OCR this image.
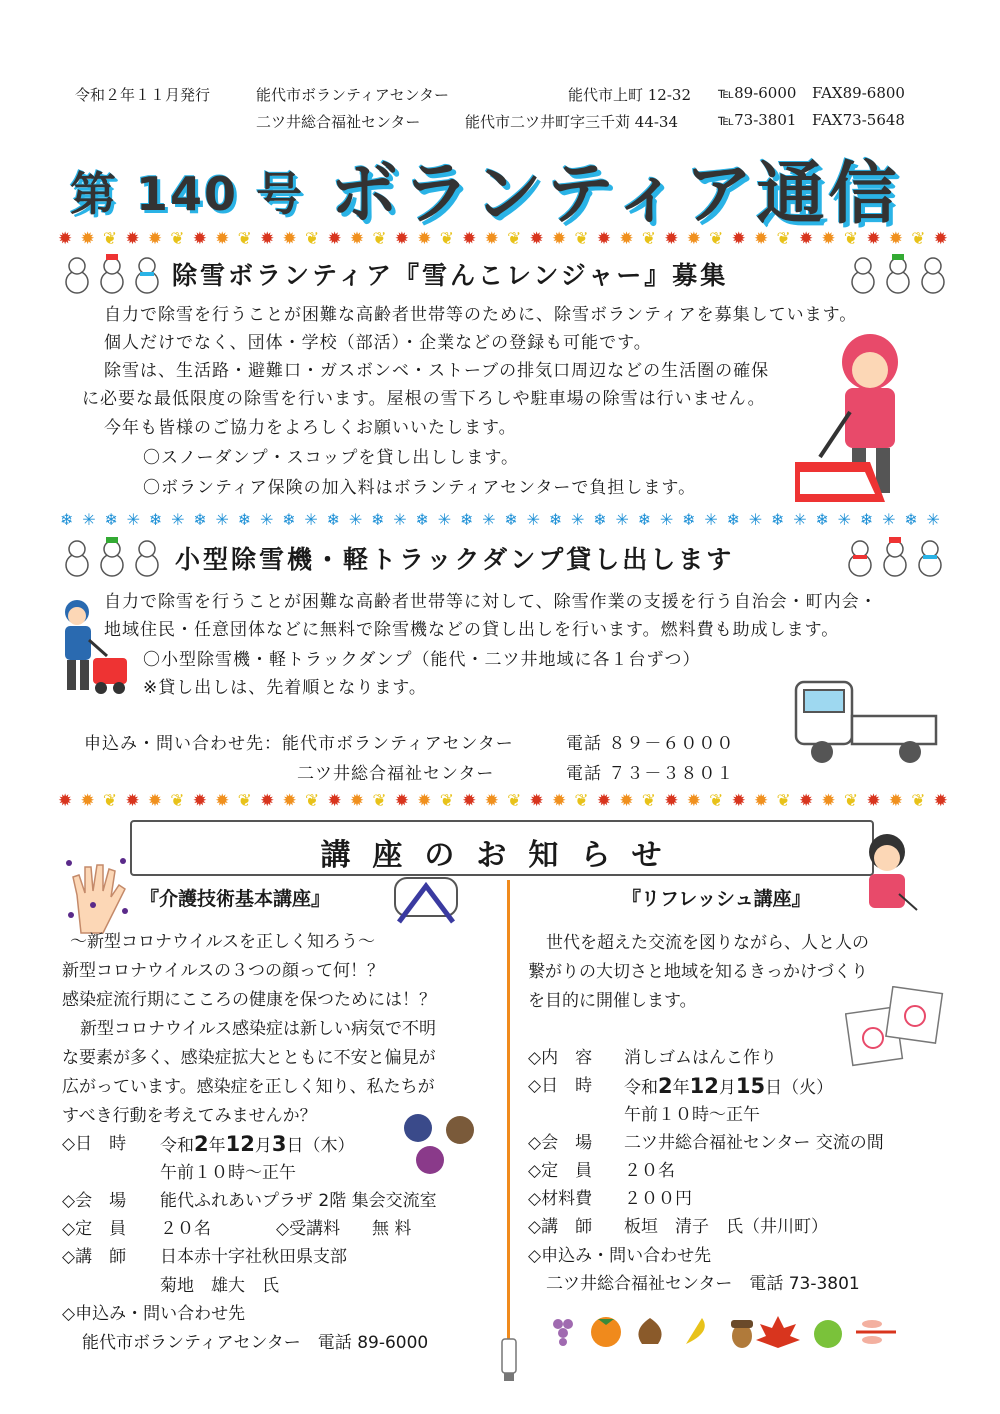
令和２年１１月発行	能代市ボランティアセンター	能代市上町 12-32 ℡89-6000 FAX89-6800
二ツ井総合福祉センター	能代市二ツ井町字三千苅 44-34	℡73-3801 FAX73-5648
第 140 号 ボランティア通信
✹ ✹ ❦ ✹ ✹ ❦ ✹ ✹ ❦ ✹ ✹ ❦ ✹ ✹ ❦ ✹ ✹ ❦ ✹ ✹ ❦ ✹ ✹ ❦ ✹ ✹ ❦ ✹ ✹ ❦ ✹ ✹ ❦ ✹ ✹ ❦ ✹ ✹ ❦ ✹
除雪ボランティア『雪んこレンジャー』募集
自力で除雪を行うことが困難な高齢者世帯等のために、除雪ボランティアを募集しています。
個人だけでなく、団体・学校（部活）・企業などの登録も可能です。
除雪は、生活路・避難口・ガスボンベ・ストーブの排気口周辺などの生活圏の確保
に必要な最低限度の除雪を行います。屋根の雪下ろしや駐車場の除雪は行いません。
今年も皆様のご協力をよろしくお願いいたします。
〇スノーダンプ・スコップを貸し出しします。
〇ボランティア保険の加入料はボランティアセンターで負担します。
❄ ✳ ❄ ✳ ❄ ✳ ❄ ✳ ❄ ✳ ❄ ✳ ❄ ✳ ❄ ✳ ❄ ✳ ❄ ✳ ❄ ✳ ❄ ✳ ❄ ✳ ❄ ✳ ❄ ✳ ❄ ✳ ❄ ✳ ❄ ✳ ❄ ✳ ❄ ✳
小型除雪機・軽トラックダンプ貸し出します
自力で除雪を行うことが困難な高齢者世帯等に対して、除雪作業の支援を行う自治会・町内会・
地域住民・任意団体などに無料で除雪機などの貸し出しを行います。燃料費も助成します。
〇小型除雪機・軽トラックダンプ（能代・二ツ井地域に各１台ずつ）
※貸し出しは、先着順となります。
申込み・問い合わせ先：能代市ボランティアセンター	電話 ８９－６０００
二ツ井総合福祉センター	電話 ７３－３８０１
✹ ✹ ❦ ✹ ✹ ❦ ✹ ✹ ❦ ✹ ✹ ❦ ✹ ✹ ❦ ✹ ✹ ❦ ✹ ✹ ❦ ✹ ✹ ❦ ✹ ✹ ❦ ✹ ✹ ❦ ✹ ✹ ❦ ✹ ✹ ❦ ✹ ✹ ❦ ✹
講座のお知らせ
『介護技術基本講座』
～新型コロナウイルスを正しく知ろう～
新型コロナウイルスの３つの顔って何！？
感染症流行期にこころの健康を保つためには！？
新型コロナウイルス感染症は新しい病気で不明
な要素が多く、感染症拡大とともに不安と偏見が
広がっています。感染症を正しく知り、私たちが
すべき行動を考えてみませんか？
◇日　時 令和2年12月3日（木）
午前１０時～正午
◇会　場 能代ふれあいプラザ 2階 集会交流室
◇定　員 ２０名	◇受講料 無 料
◇講　師 日本赤十字社秋田県支部
菊地　雄大　氏
◇申込み・問い合わせ先
能代市ボランティアセンター　電話 89-6000
『リフレッシュ講座』
世代を超えた交流を図りながら、人と人の
繋がりの大切さと地域を知るきっかけづくり
を目的に開催します。
◇内　容 消しゴムはんこ作り
◇日　時 令和2年12月15日（火）
午前１０時～正午
◇会　場 二ツ井総合福祉センター 交流の間
◇定　員 ２０名
◇材料費 ２００円
◇講　師 板垣　清子　氏（井川町）
◇申込み・問い合わせ先
二ツ井総合福祉センター　電話 73-3801
